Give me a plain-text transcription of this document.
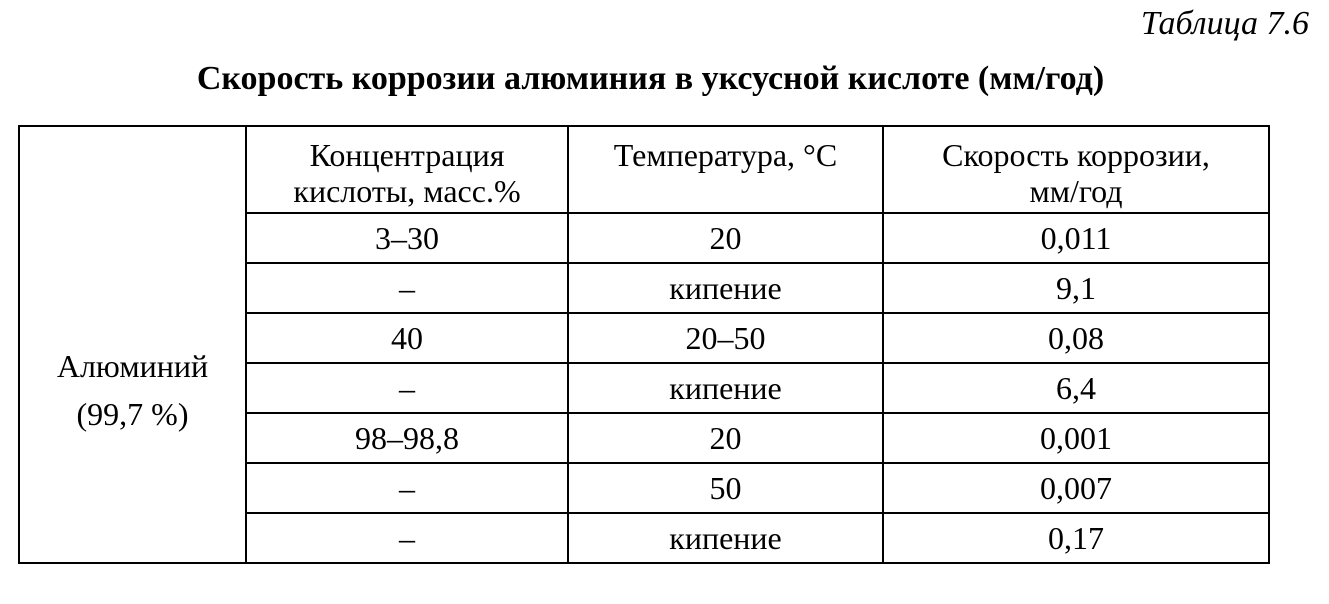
Таблица 7.6
Скорость коррозии алюминия в уксусной кислоте (мм/год)

	Концентрация
кислоты, масс.%	Температура, °С	Скорость коррозии,
мм/год

Алюминий
(99,7 %)	3–30	20	0,011
	–	кипение	9,1
	40	20–50	0,08
	–	кипение	6,4
	98–98,8	20	0,001
	–	50	0,007
	–	кипение	0,17
